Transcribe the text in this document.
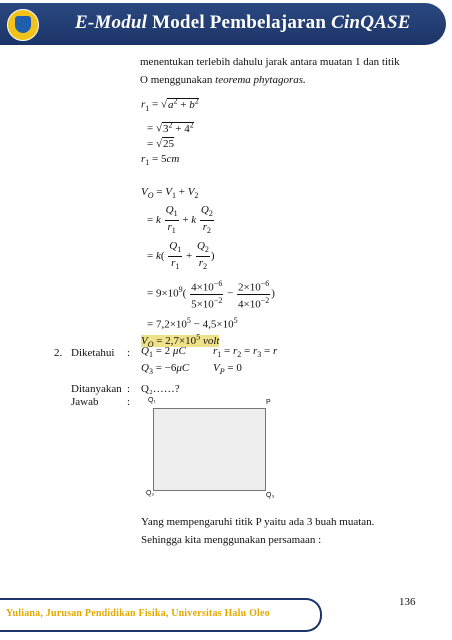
E-Modul Model Pembelajaran CinQASE
menentukan terlebih dahulu jarak antara muatan 1 dan titik
O menggunakan teorema phytagoras.
$r_1 = √a^2 + b^2$
= $√3^2 + 4^2$
= √25
$r_1 = 5cm$
$V_O = V_1 + V_2$
= k $\frac{Q_1}{r_1} + k \frac{Q_2}{r_2}$
= $k( \frac{Q_1}{r_1} + \frac{Q_2}{r_2}$ )
= $9\times 10^9( \frac{4\times 10^{-6}}{5\times 10^{-2}} - \frac{2\times 10^{-6}}{4\times 10^{-2}}$ )
= $7,2\times 10^5 - 4,5\times 10^5$
$V_O = 2,7\times 10^5$ volt
2. Diketahui : $Q_1 = 2$ μC $r_1 = r_2 = r_3 = r$
$Q_3 = -6\mu C$ $V_P = 0$
Ditanyakan : Q₂……?
Jawab	:	Q₁	P
Q₂	Q₃
Yang mempengaruhi titik P yaitu ada 3 buah muatan.
Sehingga kita menggunakan persamaan :
Yuliana, Jurusan Pendidikan Fisika, Universitas Halu Oleo
136
